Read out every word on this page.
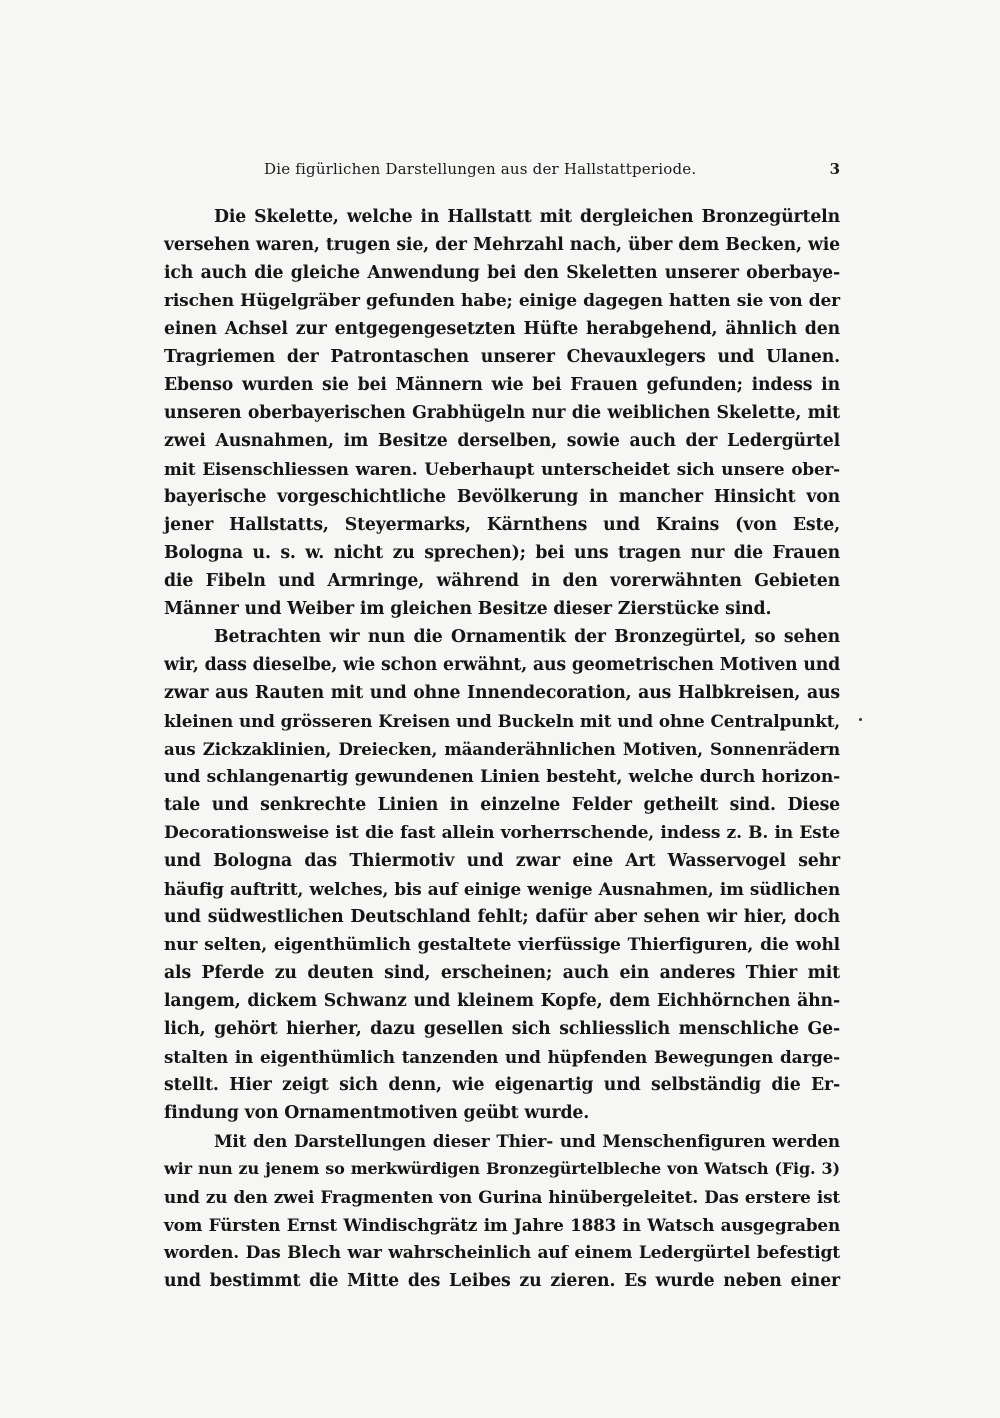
Die figürlichen Darstellungen aus der Hallstattperiode.	3

Die Skelette, welche in Hallstatt mit dergleichen Bronzegürteln
versehen waren, trugen sie, der Mehrzahl nach, über dem Becken, wie
ich auch die gleiche Anwendung bei den Skeletten unserer oberbaye-
rischen Hügelgräber gefunden habe; einige dagegen hatten sie von der
einen Achsel zur entgegengesetzten Hüfte herabgehend, ähnlich den
Tragriemen der Patrontaschen unserer Chevauxlegers und Ulanen.
Ebenso wurden sie bei Männern wie bei Frauen gefunden; indess in
unseren oberbayerischen Grabhügeln nur die weiblichen Skelette, mit
zwei Ausnahmen, im Besitze derselben, sowie auch der Ledergürtel
mit Eisenschliessen waren. Ueberhaupt unterscheidet sich unsere ober-
bayerische vorgeschichtliche Bevölkerung in mancher Hinsicht von
jener Hallstatts, Steyermarks, Kärnthens und Krains (von Este,
Bologna u. s. w. nicht zu sprechen); bei uns tragen nur die Frauen
die Fibeln und Armringe, während in den vorerwähnten Gebieten
Männer und Weiber im gleichen Besitze dieser Zierstücke sind.

Betrachten wir nun die Ornamentik der Bronzegürtel, so sehen
wir, dass dieselbe, wie schon erwähnt, aus geometrischen Motiven und
zwar aus Rauten mit und ohne Innendecoration, aus Halbkreisen, aus
kleinen und grösseren Kreisen und Buckeln mit und ohne Centralpunkt,
aus Zickzaklinien, Dreiecken, mäanderähnlichen Motiven, Sonnenrädern
und schlangenartig gewundenen Linien besteht, welche durch horizon-
tale und senkrechte Linien in einzelne Felder getheilt sind. Diese
Decorationsweise ist die fast allein vorherrschende, indess z. B. in Este
und Bologna das Thiermotiv und zwar eine Art Wasservogel sehr
häufig auftritt, welches, bis auf einige wenige Ausnahmen, im südlichen
und südwestlichen Deutschland fehlt; dafür aber sehen wir hier, doch
nur selten, eigenthümlich gestaltete vierfüssige Thierfiguren, die wohl
als Pferde zu deuten sind, erscheinen; auch ein anderes Thier mit
langem, dickem Schwanz und kleinem Kopfe, dem Eichhörnchen ähn-
lich, gehört hierher, dazu gesellen sich schliesslich menschliche Ge-
stalten in eigenthümlich tanzenden und hüpfenden Bewegungen darge-
stellt. Hier zeigt sich denn, wie eigenartig und selbständig die Er-
findung von Ornamentmotiven geübt wurde.

Mit den Darstellungen dieser Thier- und Menschenfiguren werden
wir nun zu jenem so merkwürdigen Bronzegürtelbleche von Watsch (Fig. 3)
und zu den zwei Fragmenten von Gurina hinübergeleitet. Das erstere ist
vom Fürsten Ernst Windischgrätz im Jahre 1883 in Watsch ausgegraben
worden. Das Blech war wahrscheinlich auf einem Ledergürtel befestigt
und bestimmt die Mitte des Leibes zu zieren. Es wurde neben einer
